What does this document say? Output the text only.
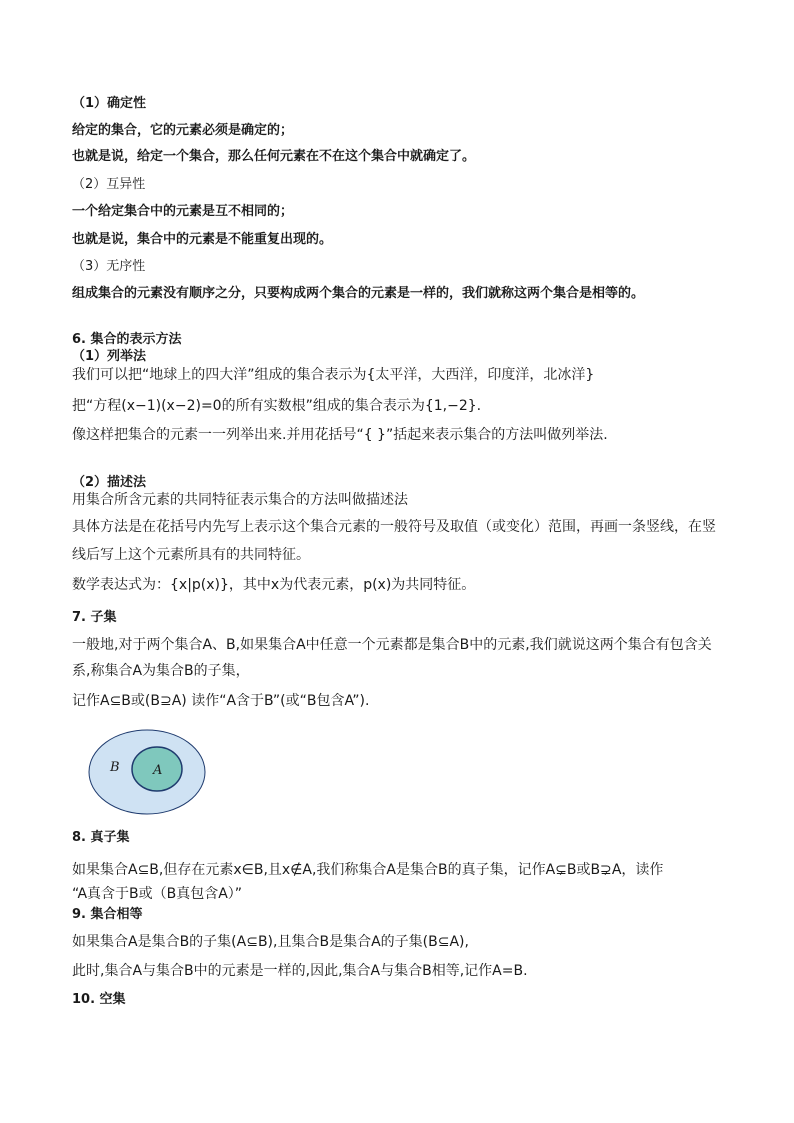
（1）确定性
给定的集合，它的元素必须是确定的；
也就是说，给定一个集合，那么任何元素在不在这个集合中就确定了。
（2）互异性
一个给定集合中的元素是互不相同的；
也就是说，集合中的元素是不能重复出现的。
（3）无序性
组成集合的元素没有顺序之分，只要构成两个集合的元素是一样的，我们就称这两个集合是相等的。
6. 集合的表示方法
（1）列举法
我们可以把“地球上的四大洋”组成的集合表示为{太平洋，大西洋，印度洋，北冰洋}
把“方程(x−1)(x−2)=0的所有实数根”组成的集合表示为{1,−2}.
像这样把集合的元素一一列举出来.并用花括号“{ }”括起来表示集合的方法叫做列举法.
（2）描述法
用集合所含元素的共同特征表示集合的方法叫做描述法
具体方法是在花括号内先写上表示这个集合元素的一般符号及取值（或变化）范围，再画一条竖线，在竖
线后写上这个元素所具有的共同特征。
数学表达式为：{x|p(x)}，其中x为代表元素，p(x)为共同特征。
7. 子集
一般地,对于两个集合A、B,如果集合A中任意一个元素都是集合B中的元素,我们就说这两个集合有包含关
系,称集合A为集合B的子集，
记作A⊆B或(B⊇A) 读作“A含于B”(或“B包含A”).
B	A
8. 真子集
如果集合A⊆B,但存在元素x∈B,且x∉A,我们称集合A是集合B的真子集，记作A⊊B或B⊋A，读作
“A真含于B或（B真包含A）”
9. 集合相等
如果集合A是集合B的子集(A⊆B),且集合B是集合A的子集(B⊆A),
此时,集合A与集合B中的元素是一样的,因此,集合A与集合B相等,记作A=B.
10. 空集
